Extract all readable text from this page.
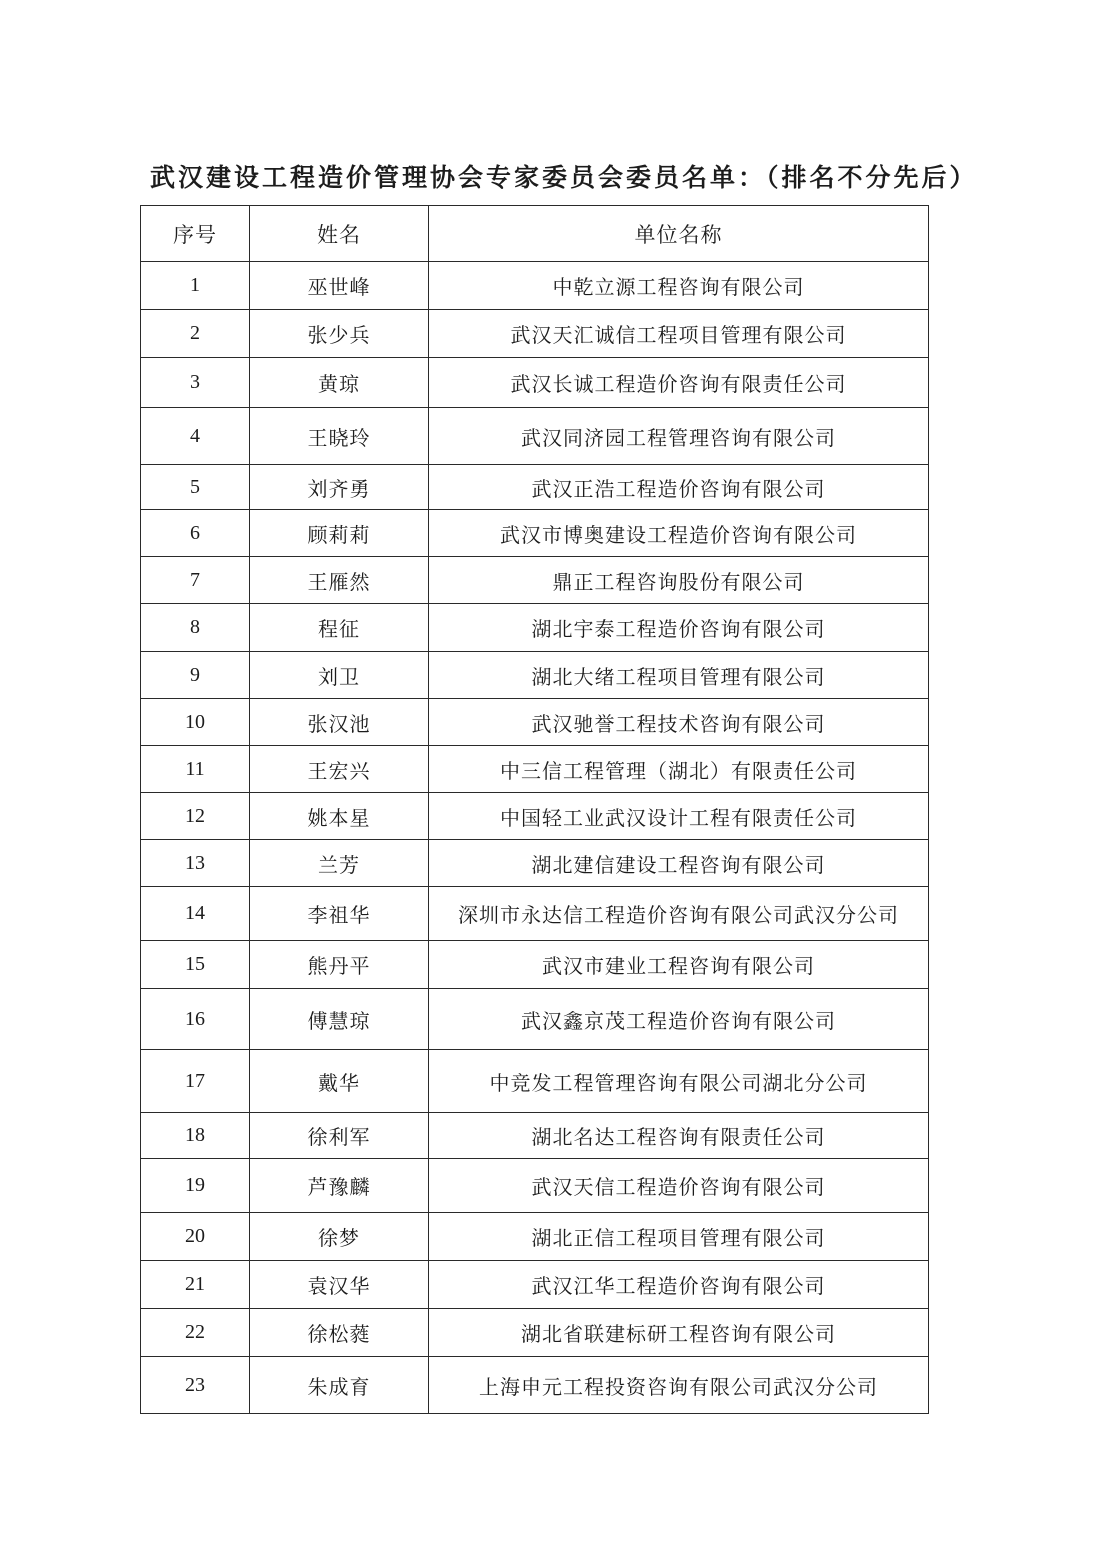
武汉建设工程造价管理协会专家委员会委员名单：（排名不分先后）
序号	姓名	单位名称
1	巫世峰	中乾立源工程咨询有限公司
2	张少兵	武汉天汇诚信工程项目管理有限公司
3	黄琼	武汉长诚工程造价咨询有限责任公司
4	王晓玲	武汉同济园工程管理咨询有限公司
5	刘齐勇	武汉正浩工程造价咨询有限公司
6	顾莉莉	武汉市博奥建设工程造价咨询有限公司
7	王雁然	鼎正工程咨询股份有限公司
8	程征	湖北宇泰工程造价咨询有限公司
9	刘卫	湖北大绪工程项目管理有限公司
10	张汉池	武汉驰誉工程技术咨询有限公司
11	王宏兴	中三信工程管理（湖北）有限责任公司
12	姚本星	中国轻工业武汉设计工程有限责任公司
13	兰芳	湖北建信建设工程咨询有限公司
14	李祖华	深圳市永达信工程造价咨询有限公司武汉分公司
15	熊丹平	武汉市建业工程咨询有限公司
16	傅慧琼	武汉鑫京茂工程造价咨询有限公司
17	戴华	中竞发工程管理咨询有限公司湖北分公司
18	徐利军	湖北名达工程咨询有限责任公司
19	芦豫麟	武汉天信工程造价咨询有限公司
20	徐梦	湖北正信工程项目管理有限公司
21	袁汉华	武汉江华工程造价咨询有限公司
22	徐松蕤	湖北省联建标研工程咨询有限公司
23	朱成育	上海申元工程投资咨询有限公司武汉分公司
